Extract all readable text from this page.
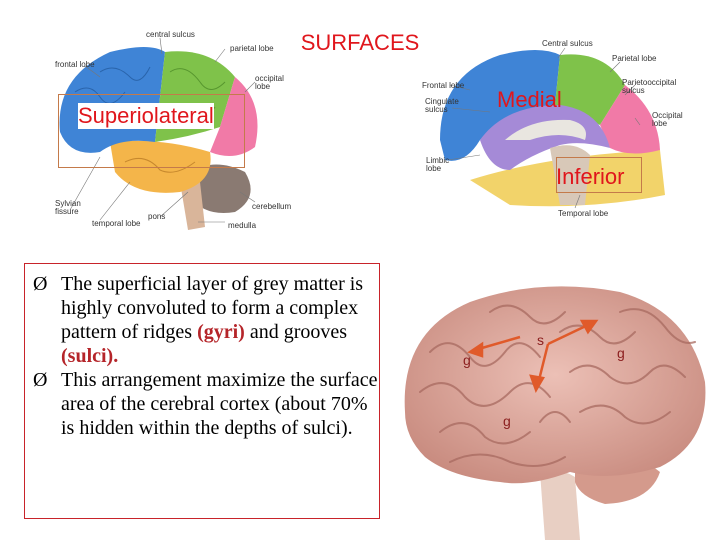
SURFACES
central sulcus
frontal lobe
parietal lobe
occipital lobe
Sylvian fissure
temporal lobe
pons
cerebellum
medulla
Superiolateral
Central sulcus
Parietal lobe
Frontal lobe
Cingulate sulcus
Parietooccipital sulcus
Occipital lobe
Limbic lobe
Temporal lobe
Medial
Inferior

Ø The superficial layer of grey matter is highly convoluted to form a complex pattern of ridges (gyri) and grooves (sulci).

Ø This arrangement maximize the surface area of the cerebral cortex (about 70% is hidden within the depths of sulci).

g
s
g
g
